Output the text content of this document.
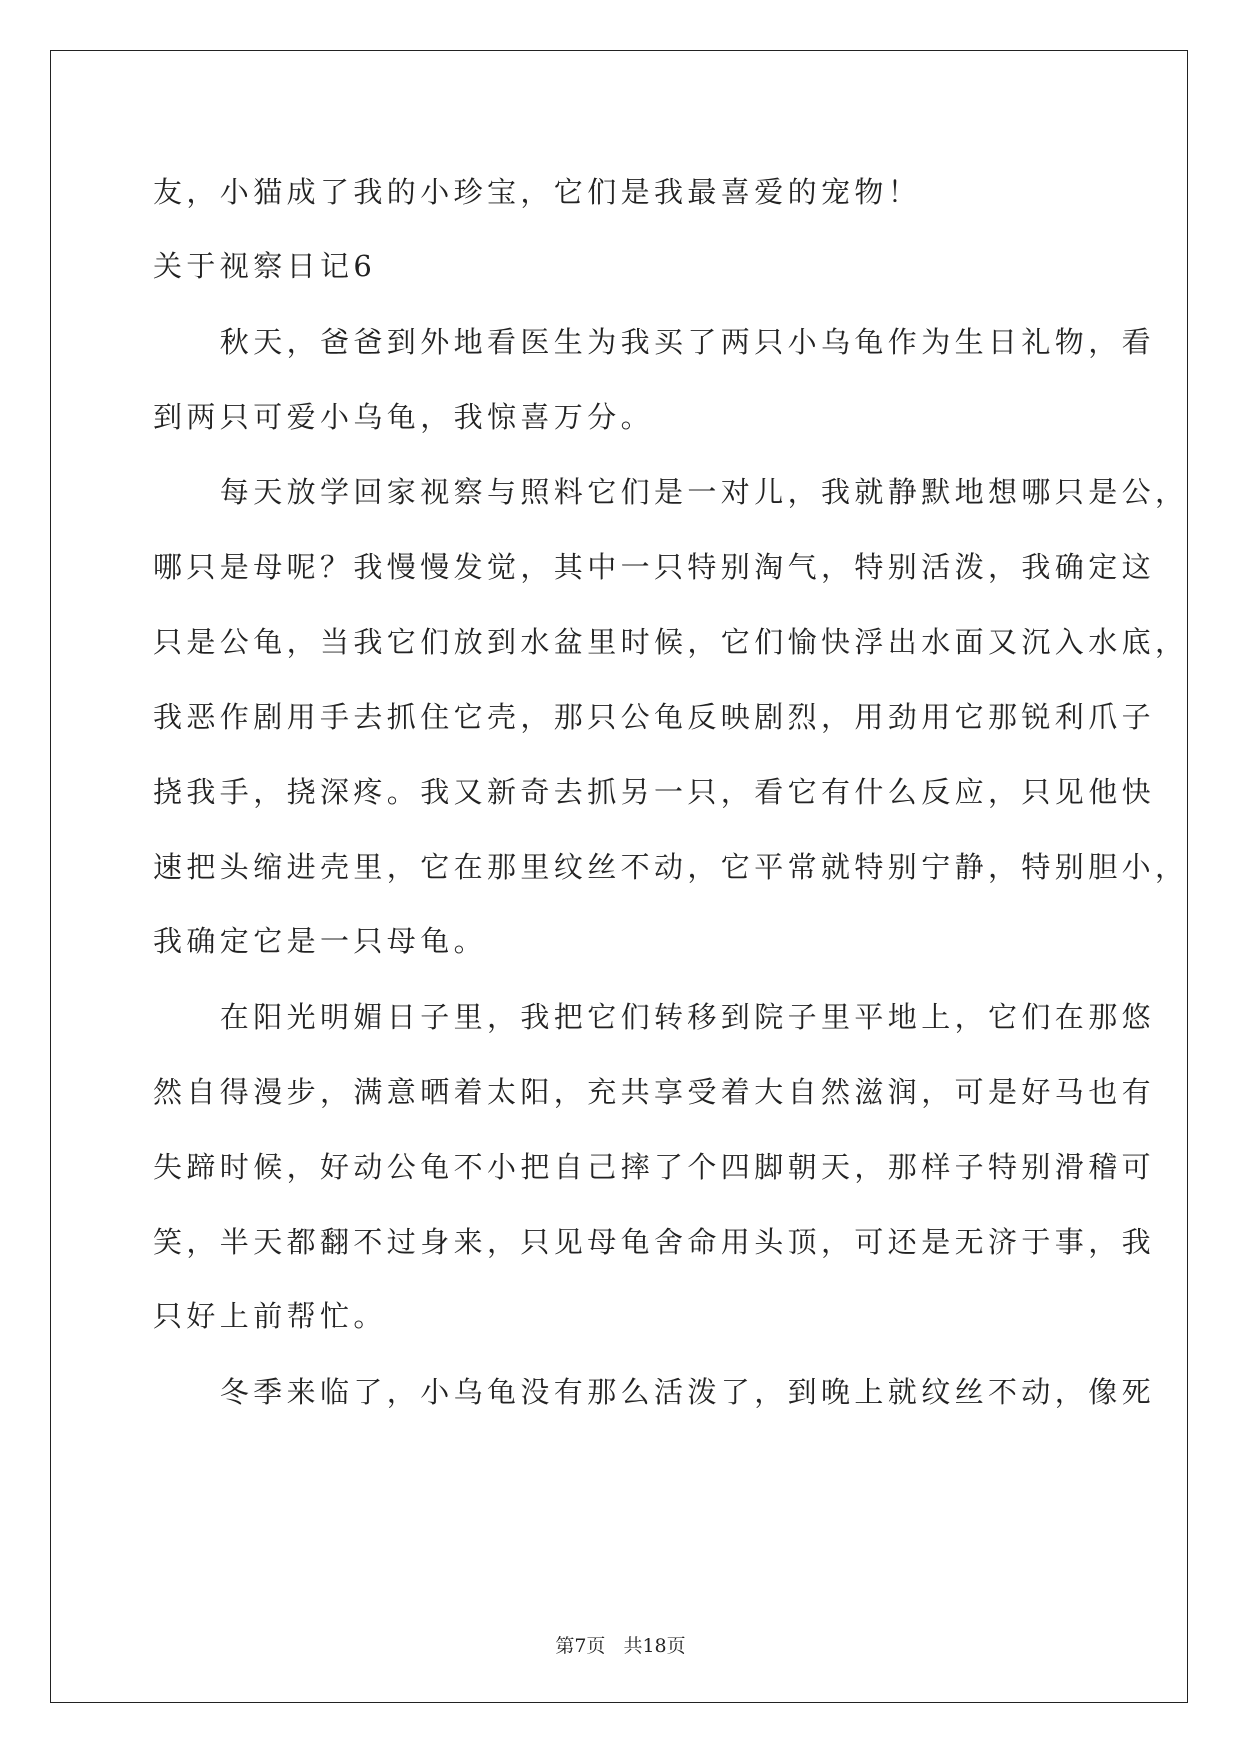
友，小猫成了我的小珍宝，它们是我最喜爱的宠物！
关于视察日记6
　　秋天，爸爸到外地看医生为我买了两只小乌龟作为生日礼物，看
到两只可爱小乌龟，我惊喜万分。
　　每天放学回家视察与照料它们是一对儿，我就静默地想哪只是公，
哪只是母呢？我慢慢发觉，其中一只特别淘气，特别活泼，我确定这
只是公龟，当我它们放到水盆里时候，它们愉快浮出水面又沉入水底，
我恶作剧用手去抓住它壳，那只公龟反映剧烈，用劲用它那锐利爪子
挠我手，挠深疼。我又新奇去抓另一只，看它有什么反应，只见他快
速把头缩进壳里，它在那里纹丝不动，它平常就特别宁静，特别胆小，
我确定它是一只母龟。
　　在阳光明媚日子里，我把它们转移到院子里平地上，它们在那悠
然自得漫步，满意晒着太阳，充共享受着大自然滋润，可是好马也有
失蹄时候，好动公龟不小把自己摔了个四脚朝天，那样子特别滑稽可
笑，半天都翻不过身来，只见母龟舍命用头顶，可还是无济于事，我
只好上前帮忙。
　　冬季来临了，小乌龟没有那么活泼了，到晚上就纹丝不动，像死
第7页 共18页
